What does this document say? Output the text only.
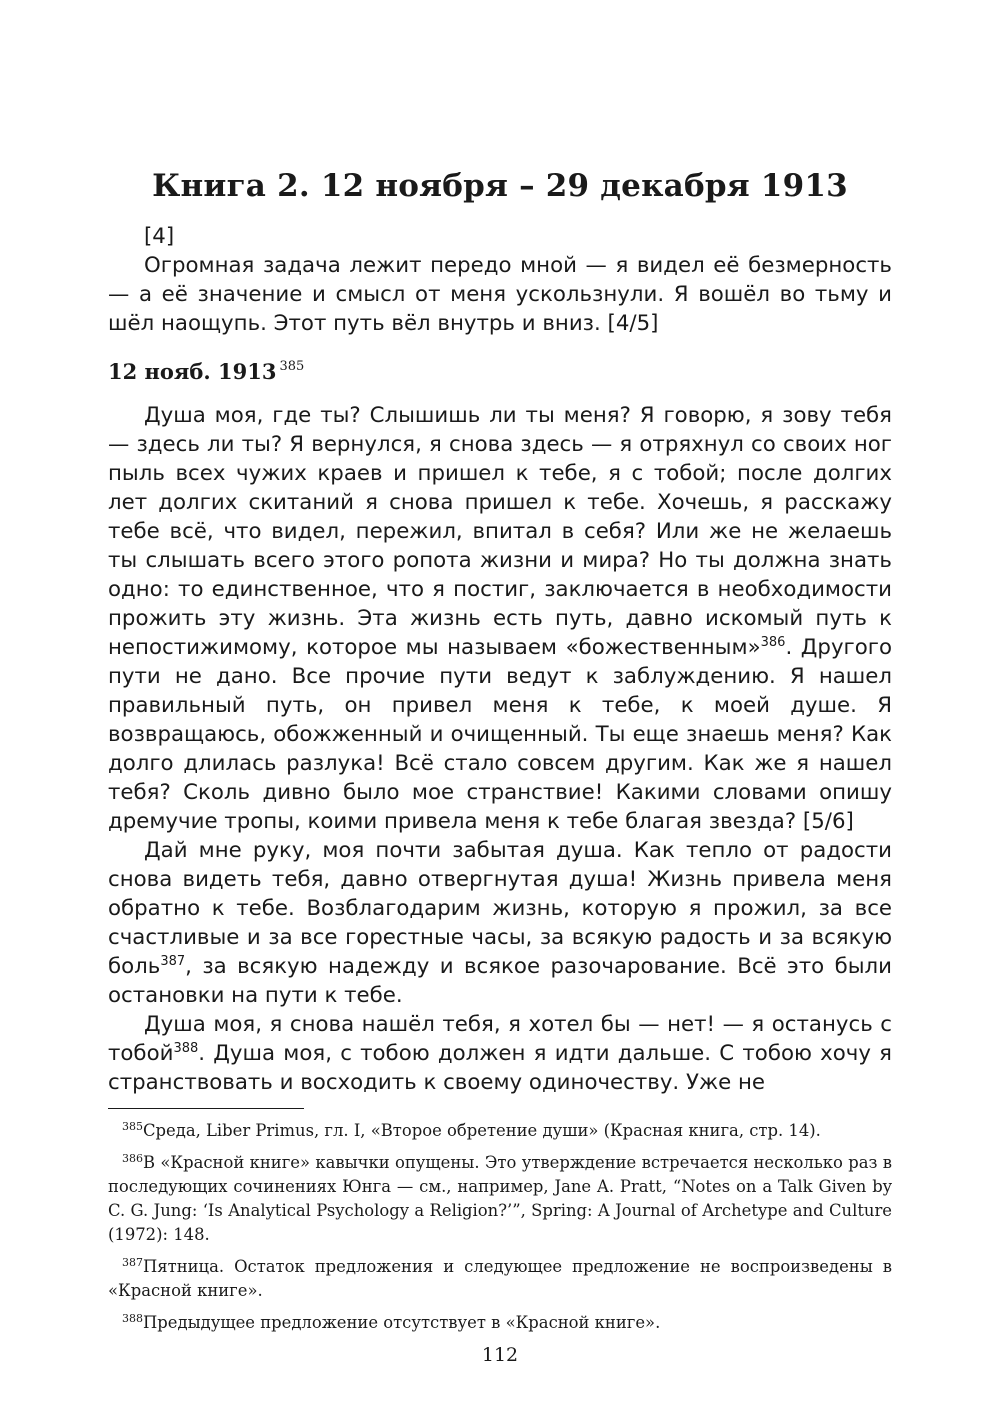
Книга 2. 12 ноября – 29 декабря 1913

[4]

Огромная задача лежит передо мной — я видел её безмерность — а её значение и смысл от меня ускользнули. Я вошёл во тьму и шёл наощупь. Этот путь вёл внутрь и вниз. [4/5]

12 нояб. 1913 $^{385}$

Душа моя, где ты? Слышишь ли ты меня? Я говорю, я зову тебя — здесь ли ты? Я вернулся, я снова здесь — я отряхнул со своих ног пыль всех чужих краев и пришел к тебе, я с тобой; после долгих лет долгих скитаний я снова пришел к тебе. Хочешь, я расскажу тебе всё, что видел, пережил, впитал в себя? Или же не желаешь ты слышать всего этого ропота жизни и мира? Но ты должна знать одно: то единственное, что я постиг, заключается в необходимости прожить эту жизнь. Эта жизнь есть путь, давно искомый путь к непостижимому, которое мы называем «божественным»$^{386}$. Другого пути не дано. Все прочие пути ведут к заблуждению. Я нашел правильный путь, он привел меня к тебе, к моей душе. Я возвращаюсь, обожженный и очищенный. Ты еще знаешь меня? Как долго длилась разлука! Всё стало совсем другим. Как же я нашел тебя? Сколь дивно было мое странствие! Какими словами опишу дремучие тропы, коими привела меня к тебе благая звезда? [5/6]

Дай мне руку, моя почти забытая душа. Как тепло от радости снова видеть тебя, давно отвергнутая душа! Жизнь привела меня обратно к тебе. Возблагодарим жизнь, которую я прожил, за все счастливые и за все горестные часы, за всякую радость и за всякую боль$^{387}$, за всякую надежду и всякое разочарование. Всё это были остановки на пути к тебе.

Душа моя, я снова нашёл тебя, я хотел бы — нет! — я останусь с тобой$^{388}$. Душа моя, с тобою должен я идти дальше. С тобою хочу я странствовать и восходить к своему одиночеству. Уже не

$^{385}$Среда, Liber Primus, гл. I, «Второе обретение души» (Красная книга, стр. 14).

$^{386}$В «Красной книге» кавычки опущены. Это утверждение встречается несколько раз в последующих сочинениях Юнга — см., например, Jane A. Pratt, “Notes on a Talk Given by C. G. Jung: ‘Is Analytical Psychology a Religion?’”, Spring: A Journal of Archetype and Culture (1972): 148.

$^{387}$Пятница. Остаток предложения и следующее предложение не воспроизведены в «Красной книге».

$^{388}$Предыдущее предложение отсутствует в «Красной книге».

112
